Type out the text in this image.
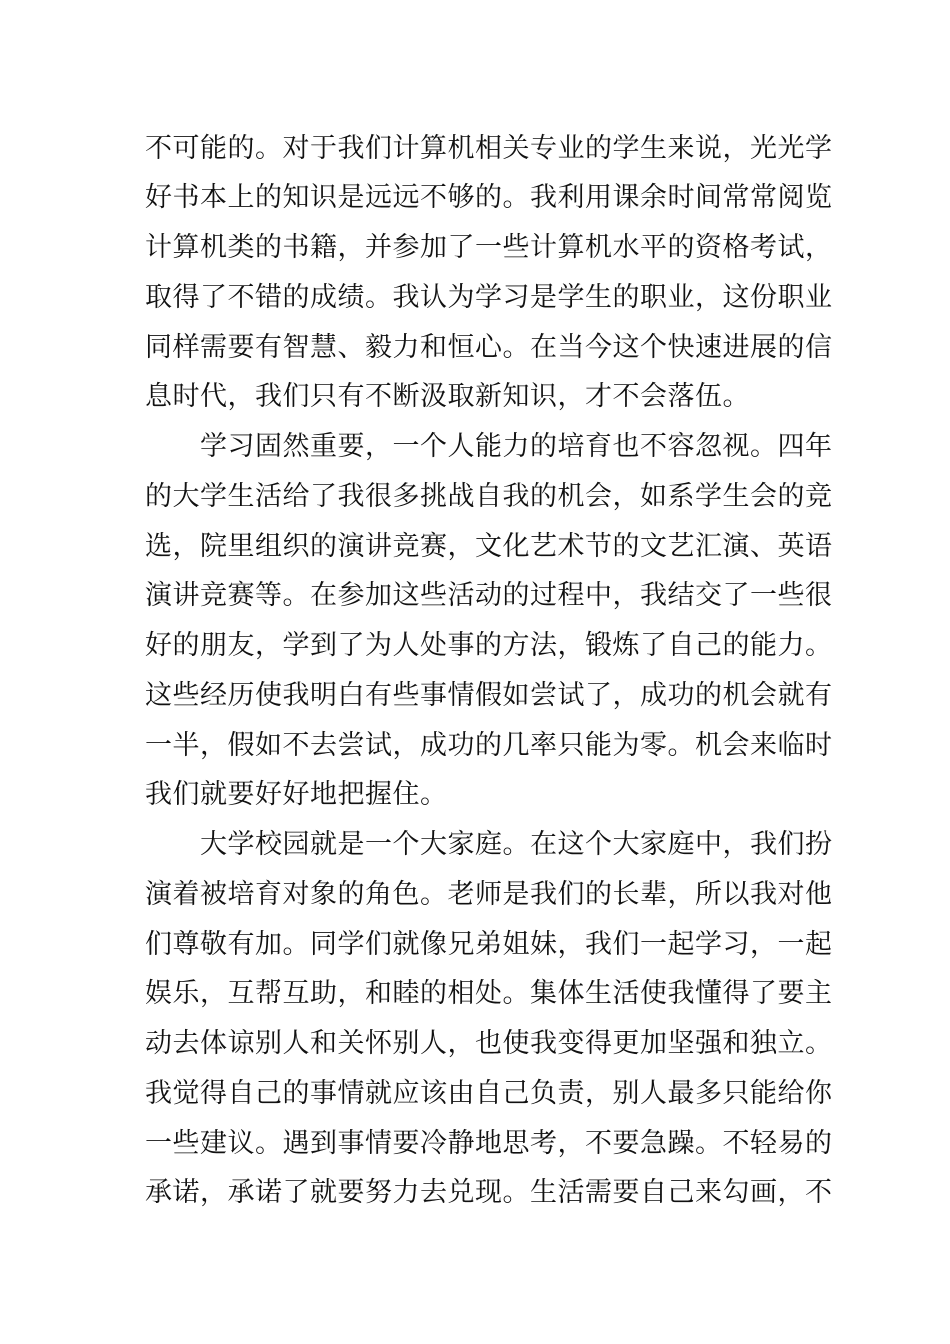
不可能的。对于我们计算机相关专业的学生来说，光光学
好书本上的知识是远远不够的。我利用课余时间常常阅览
计算机类的书籍，并参加了一些计算机水平的资格考试，
取得了不错的成绩。我认为学习是学生的职业，这份职业
同样需要有智慧、毅力和恒心。在当今这个快速进展的信
息时代，我们只有不断汲取新知识，才不会落伍。
学习固然重要，一个人能力的培育也不容忽视。四年
的大学生活给了我很多挑战自我的机会，如系学生会的竞
选，院里组织的演讲竞赛，文化艺术节的文艺汇演、英语
演讲竞赛等。在参加这些活动的过程中，我结交了一些很
好的朋友，学到了为人处事的方法，锻炼了自己的能力。
这些经历使我明白有些事情假如尝试了，成功的机会就有
一半，假如不去尝试，成功的几率只能为零。机会来临时
我们就要好好地把握住。
大学校园就是一个大家庭。在这个大家庭中，我们扮
演着被培育对象的角色。老师是我们的长辈，所以我对他
们尊敬有加。同学们就像兄弟姐妹，我们一起学习，一起
娱乐，互帮互助，和睦的相处。集体生活使我懂得了要主
动去体谅别人和关怀别人，也使我变得更加坚强和独立。
我觉得自己的事情就应该由自己负责，别人最多只能给你
一些建议。遇到事情要冷静地思考，不要急躁。不轻易的
承诺，承诺了就要努力去兑现。生活需要自己来勾画，不
